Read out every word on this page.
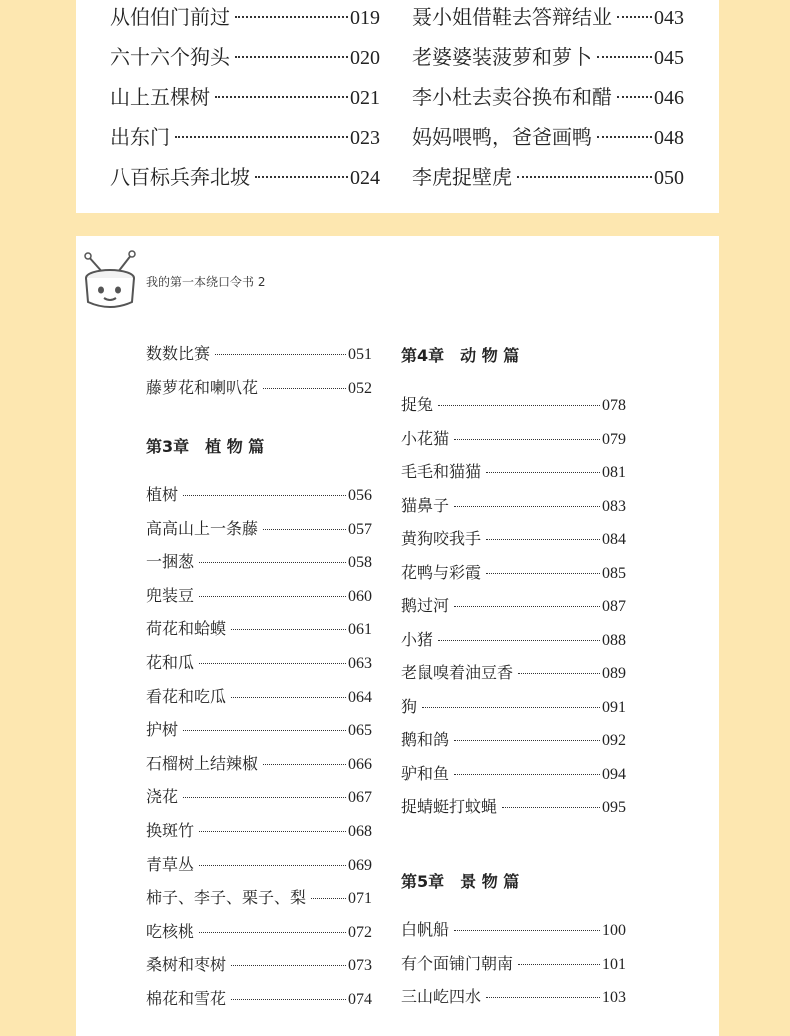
我的第一本绕口令书 2
第4章 动 物 篇
第3章 植 物 篇
第5章 景 物 篇
从伯伯门前过	019
六十六个狗头	020
山上五棵树	021
出东门	023
八百标兵奔北坡	024
聂小姐借鞋去答辩结业 043
老婆婆装菠萝和萝卜	045
李小杜去卖谷换布和醋 046
妈妈喂鸭，爸爸画鸭	048
李虎捉壁虎	050
数数比赛	051
藤萝花和喇叭花	052
植树	056
高高山上一条藤	057
一捆葱	058
兜装豆	060
荷花和蛤蟆	061
花和瓜	063
看花和吃瓜	064
护树	065
石榴树上结辣椒	066
浇花	067
换斑竹	068
青草丛	069
柿子、李子、栗子、梨	071
吃核桃	072
桑树和枣树	073
棉花和雪花	074
捉兔	078
小花猫	079
毛毛和猫猫	081
猫鼻子	083
黄狗咬我手	084
花鸭与彩霞	085
鹅过河	087
小猪	088
老鼠嗅着油豆香	089
狗	091
鹅和鸽	092
驴和鱼	094
捉蜻蜓打蚊蝇	095
白帆船	100
有个面铺门朝南	101
三山屹四水	103
